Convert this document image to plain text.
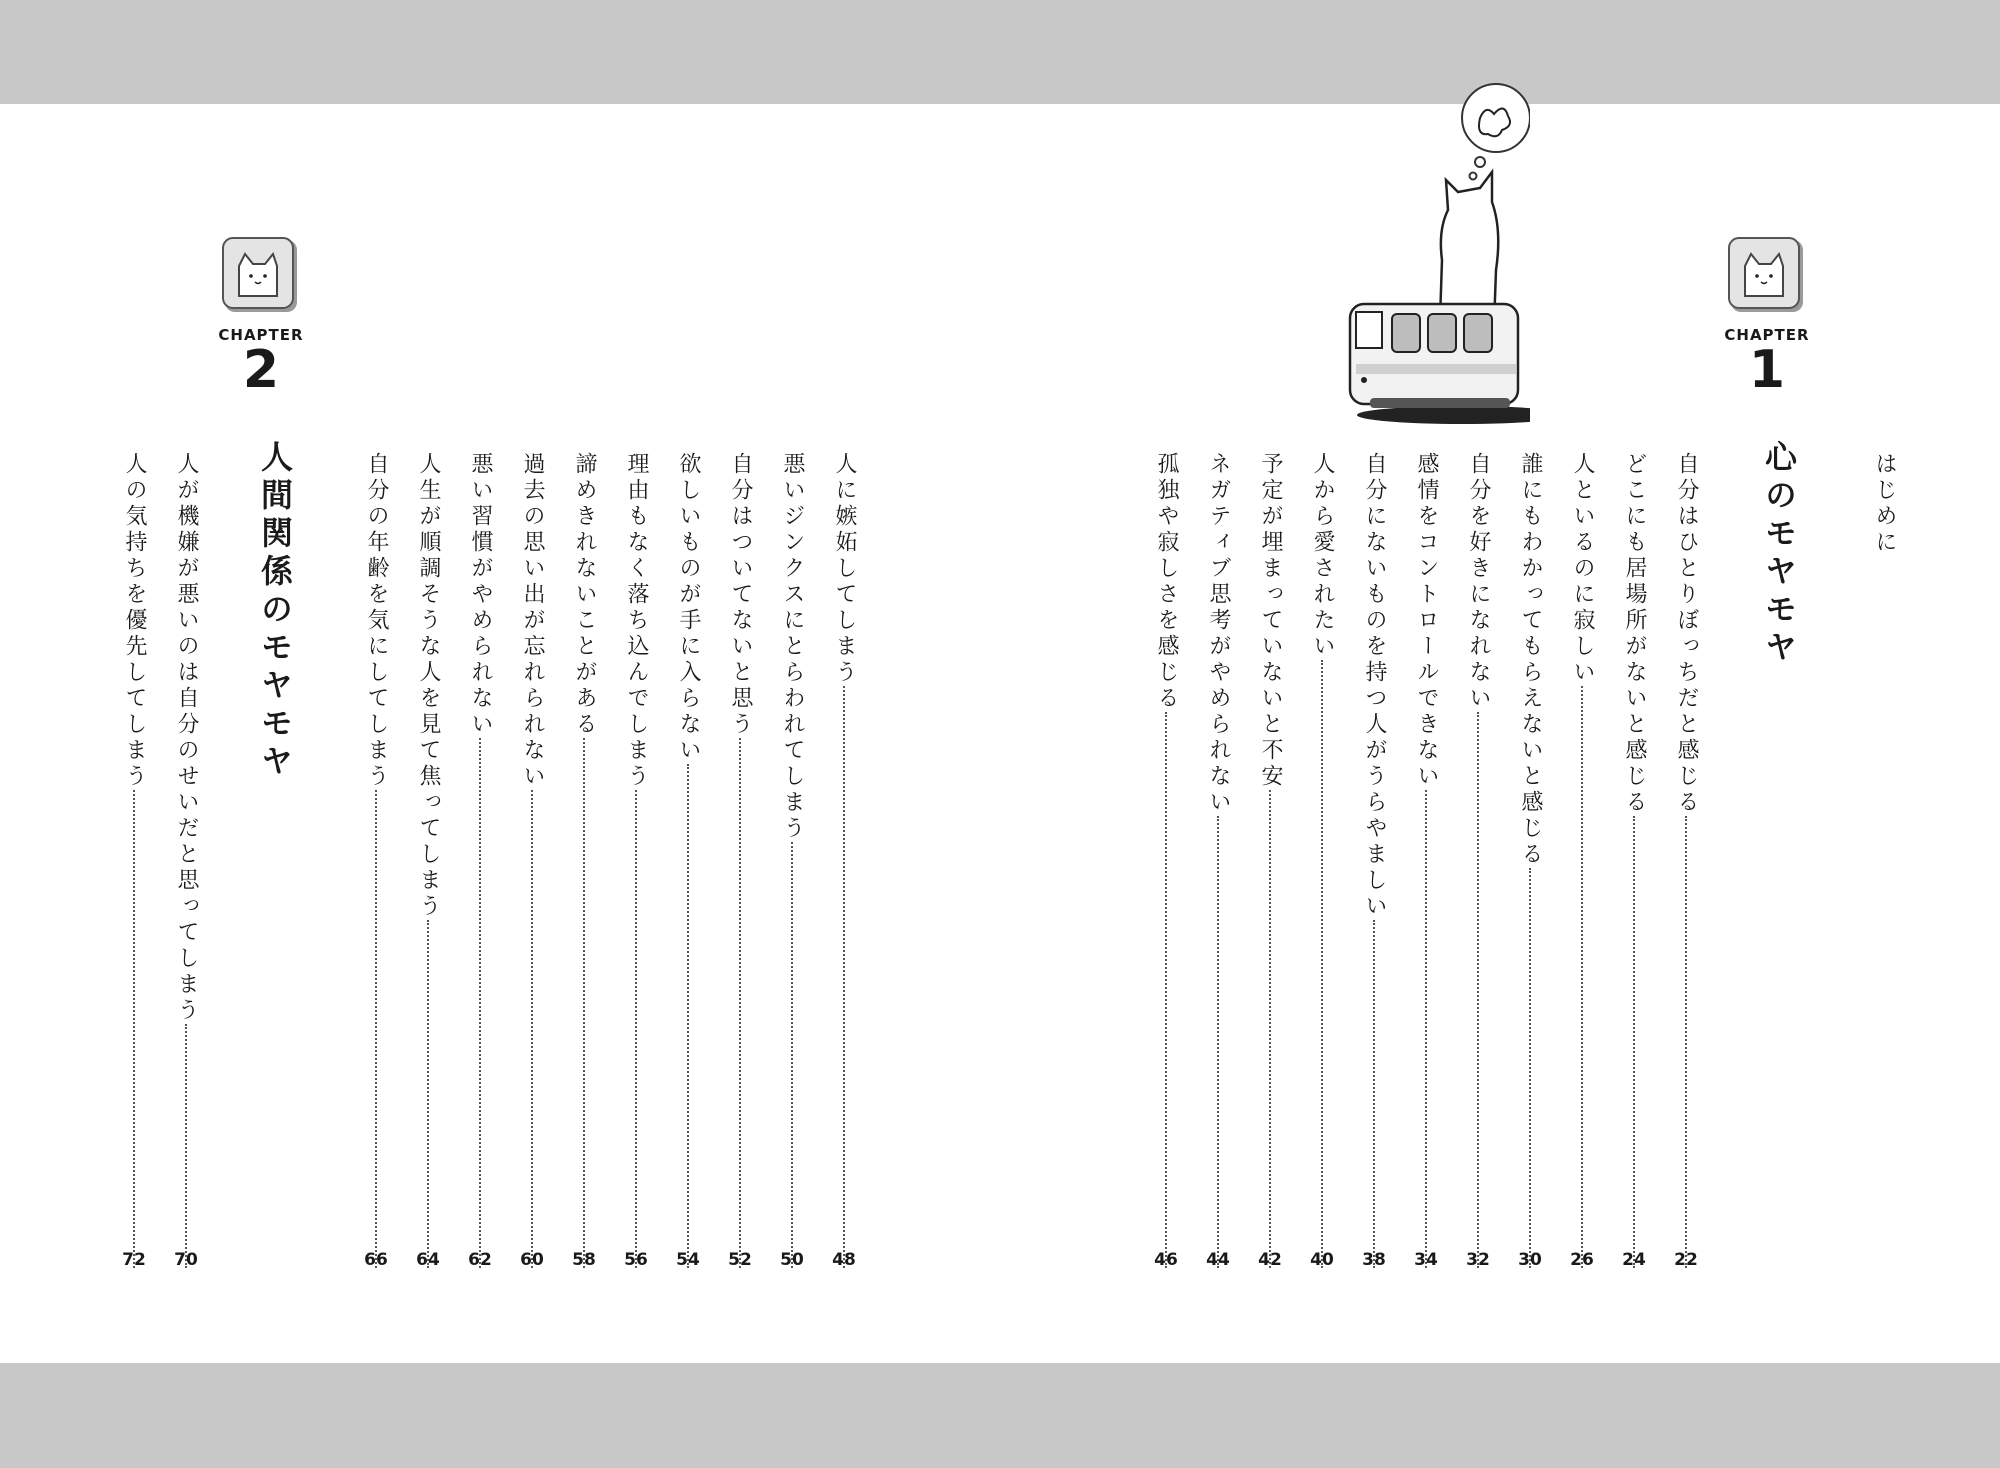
はじめに
CHAPTER
1
CHAPTER
2
心のモヤモヤ
自分はひとりぼっちだと感じる
22
どこにも居場所がないと感じる
24
人といるのに寂しい
26
誰にもわかってもらえないと感じる
30
自分を好きになれない
32
感情をコントロールできない
34
自分にないものを持つ人がうらやましい
38
人から愛されたい
40
予定が埋まっていないと不安
42
ネガティブ思考がやめられない
44
孤独や寂しさを感じる
46
人に嫉妬してしまう
48
悪いジンクスにとらわれてしまう
50
自分はついてないと思う
52
欲しいものが手に入らない
54
理由もなく落ち込んでしまう
56
諦めきれないことがある
58
過去の思い出が忘れられない
60
悪い習慣がやめられない
62
人生が順調そうな人を見て焦ってしまう
64
自分の年齢を気にしてしまう
66
人間関係のモヤモヤ
人が機嫌が悪いのは自分のせいだと思ってしまう
70
人の気持ちを優先してしまう
72
